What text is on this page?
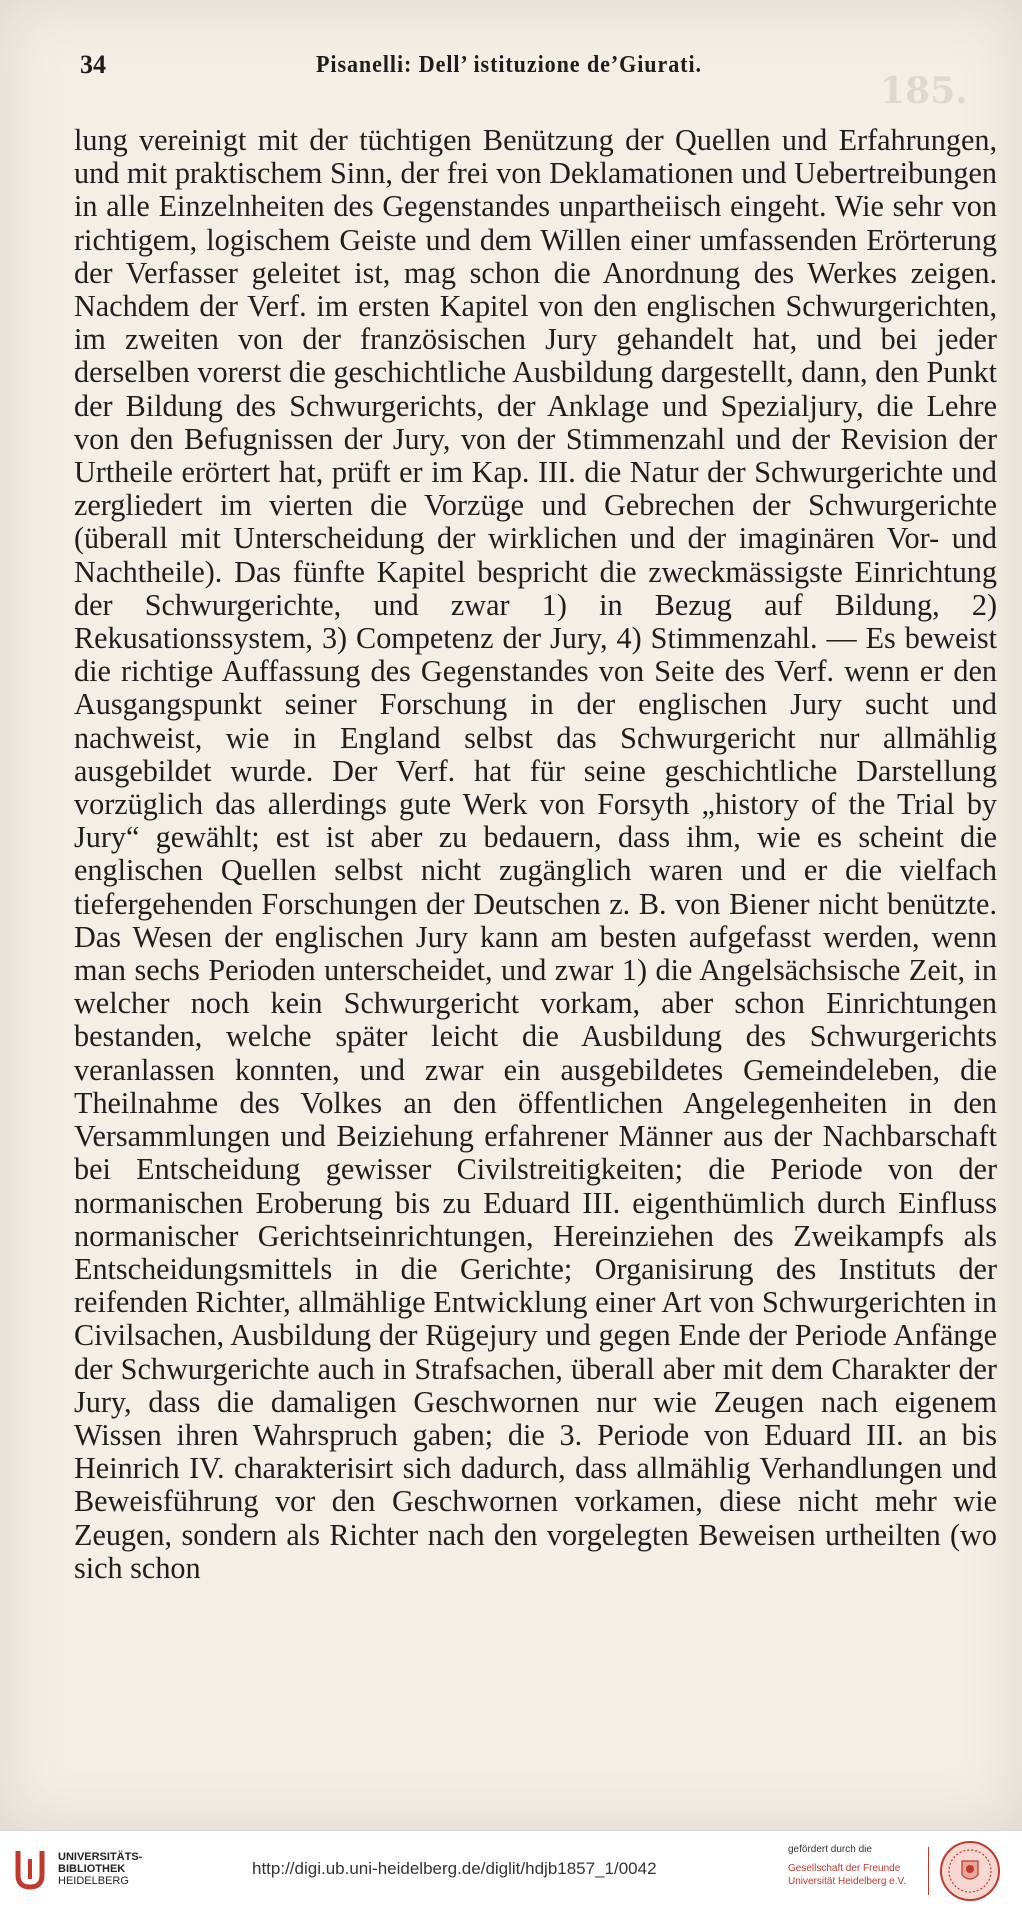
185.
34	Pisanelli: Dell’ istituzione de’Giurati.

lung vereinigt mit der tüchtigen Benützung der Quellen und Erfahrungen, und mit praktischem Sinn, der frei von Deklamationen und Uebertreibungen in alle Einzelnheiten des Gegenstandes unpartheiisch eingeht. Wie sehr von richtigem, logischem Geiste und dem Willen einer umfassenden Erörterung der Verfasser geleitet ist, mag schon die Anordnung des Werkes zeigen. Nachdem der Verf. im ersten Kapitel von den englischen Schwurgerichten, im zweiten von der französischen Jury gehandelt hat, und bei jeder derselben vorerst die geschichtliche Ausbildung dargestellt, dann, den Punkt der Bildung des Schwurgerichts, der Anklage und Spezialjury, die Lehre von den Befugnissen der Jury, von der Stimmenzahl und der Revision der Urtheile erörtert hat, prüft er im Kap. III. die Natur der Schwurgerichte und zergliedert im vierten die Vorzüge und Gebrechen der Schwurgerichte (überall mit Unterscheidung der wirklichen und der imaginären Vor- und Nachtheile). Das fünfte Kapitel bespricht die zweckmässigste Einrichtung der Schwurgerichte, und zwar 1) in Bezug auf Bildung, 2) Rekusationssystem, 3) Competenz der Jury, 4) Stimmenzahl. — Es beweist die richtige Auffassung des Gegenstandes von Seite des Verf. wenn er den Ausgangspunkt seiner Forschung in der englischen Jury sucht und nachweist, wie in England selbst das Schwurgericht nur allmählig ausgebildet wurde. Der Verf. hat für seine geschichtliche Darstellung vorzüglich das allerdings gute Werk von Forsyth „history of the Trial by Jury“ gewählt; est ist aber zu bedauern, dass ihm, wie es scheint die englischen Quellen selbst nicht zugänglich waren und er die vielfach tiefergehenden Forschungen der Deutschen z. B. von Biener nicht benützte. Das Wesen der englischen Jury kann am besten aufgefasst werden, wenn man sechs Perioden unterscheidet, und zwar 1) die Angelsächsische Zeit, in welcher noch kein Schwurgericht vorkam, aber schon Einrichtungen bestanden, welche später leicht die Ausbildung des Schwurgerichts veranlassen konnten, und zwar ein ausgebildetes Gemeindeleben, die Theilnahme des Volkes an den öffentlichen Angelegenheiten in den Versammlungen und Beiziehung erfahrener Männer aus der Nachbarschaft bei Entscheidung gewisser Civilstreitigkeiten; die Periode von der normanischen Eroberung bis zu Eduard III. eigenthümlich durch Einfluss normanischer Gerichtseinrichtungen, Hereinziehen des Zweikampfs als Entscheidungsmittels in die Gerichte; Organisirung des Instituts der reifenden Richter, allmählige Entwicklung einer Art von Schwurgerichten in Civilsachen, Ausbildung der Rügejury und gegen Ende der Periode Anfänge der Schwurgerichte auch in Strafsachen, überall aber mit dem Charakter der Jury, dass die damaligen Geschwornen nur wie Zeugen nach eigenem Wissen ihren Wahrspruch gaben; die 3. Periode von Eduard III. an bis Heinrich IV. charakterisirt sich dadurch, dass allmählig Verhandlungen und Beweisführung vor den Geschwornen vorkamen, diese nicht mehr wie Zeugen, sondern als Richter nach den vorgelegten Beweisen urtheilten (wo sich schon

UNIVERSITÄTS-
BIBLIOTHEK
HEIDELBERG
http://digi.ub.uni-heidelberg.de/diglit/hdjb1857_1/0042
gefördert durch die
Gesellschaft der Freunde
Universität Heidelberg e.V.
